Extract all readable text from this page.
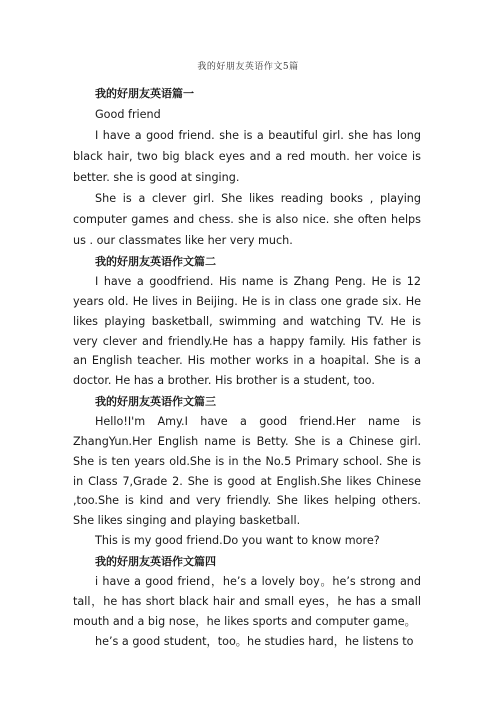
我的好朋友英语作文5篇
我的好朋友英语篇一

Good friend

I have a good friend. she is a beautiful girl. she has long black hair, two big black eyes and a red mouth. her voice is better. she is good at singing.

She is a clever girl. She likes reading books , playing computer games and chess. she is also nice. she often helps us . our classmates like her very much.

我的好朋友英语作文篇二

I have a goodfriend. His name is Zhang Peng. He is 12 years old. He lives in Beijing. He is in class one grade six. He likes playing basketball, swimming and watching TV. He is very clever and friendly.He has a happy family. His father is an English teacher. His mother works in a hoapital. She is a doctor. He has a brother. His brother is a student, too.

我的好朋友英语作文篇三

Hello!I'm Amy.I have a good friend.Her name is ZhangYun.Her English name is Betty. She is a Chinese girl. She is ten years old.She is in the No.5 Primary school. She is in Class 7,Grade 2. She is good at English.She likes Chinese ,too.She is kind and very friendly. She likes helping others. She likes singing and playing basketball.

This is my good friend.Do you want to know more?

我的好朋友英语作文篇四

i have a good friend，he’s a lovely boy。he’s strong and tall，he has short black hair and small eyes，he has a small mouth and a big nose，he likes sports and computer game。

he’s a good student，too。he studies hard，he listens to
